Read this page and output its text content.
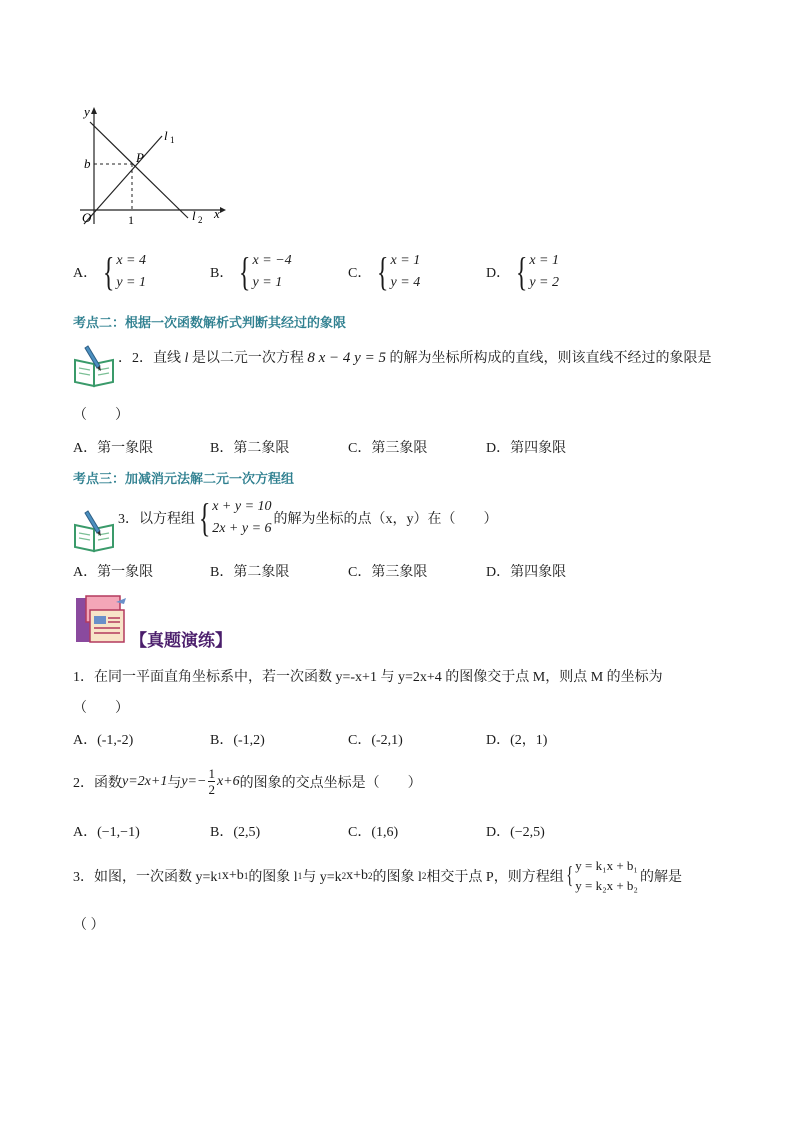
y
x
O
b
1
P
l 1
l 2
A． { x = 4
y = 1
B． { x = −4
y = 1
C． { x = 1
y = 4
D． { x = 1
y = 2
考点二：根据一次函数解析式判断其经过的象限
．2．直线 l 是以二元一次方程 8 x − 4 y = 5 的解为坐标所构成的直线，则该直线不经过的象限是
（　　）
A．第一象限	B．第二象限	C．第三象限	D．第四象限
考点三：加减消元法解二元一次方程组
3．以方程组 { x + y = 10
2x + y = 6
的解为坐标的点（x，y）在（　　）
A．第一象限	B．第二象限	C．第三象限	D．第四象限
【真题演练】
1．在同一平面直角坐标系中，若一次函数 y=-x+1 与 y=2x+4 的图像交于点 M，则点 M 的坐标为
（　　）
A．(-1,-2)	B．(-1,2)	C．(-2,1)	D．(2，1)
2．函数 y=2x+1 与 $y=- \frac{1}{2} x+6$ 的图象的交点坐标是（　　）
A．(−1,−1)	B．(2,5)	C．(1,6)	D．(−2,5)
3．如图，一次函数 y=k 1 x+b 1 的图象 l 1 与 y=k 2 x+b 2 的图象 l 2 相交于点 P，则方程组 { y = k₁x + b₁
y = k₂x + b₂
的解是
（ ）
